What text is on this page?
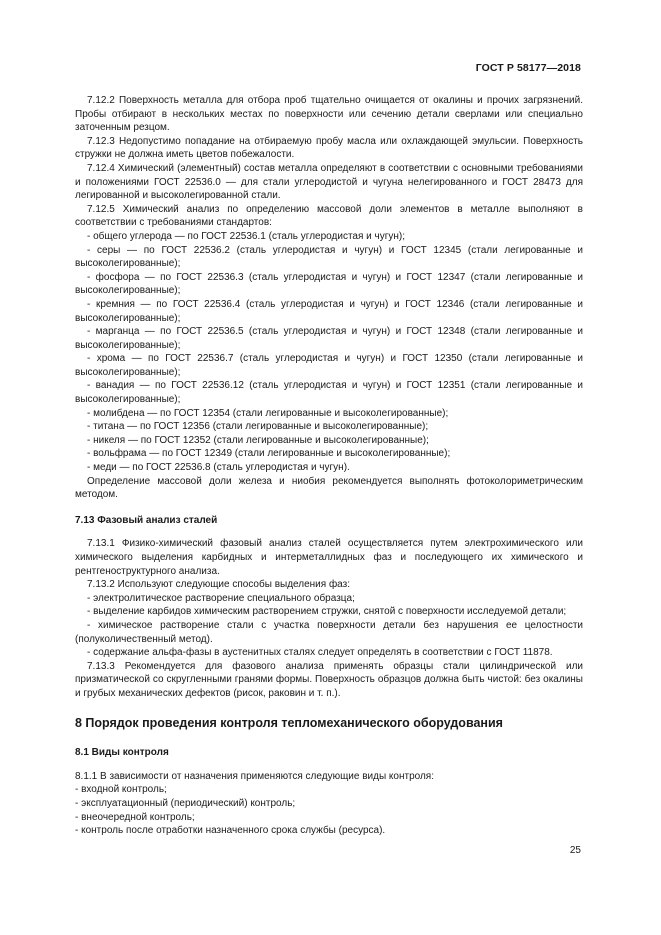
ГОСТ Р 58177—2018

7.12.2 Поверхность металла для отбора проб тщательно очищается от окалины и прочих загрязнений. Пробы отбирают в нескольких местах по поверхности или сечению детали сверлами или специально заточенным резцом.

7.12.3 Недопустимо попадание на отбираемую пробу масла или охлаждающей эмульсии. Поверхность стружки не должна иметь цветов побежалости.

7.12.4 Химический (элементный) состав металла определяют в соответствии с основными требованиями и положениями ГОСТ 22536.0 — для стали углеродистой и чугуна нелегированного и ГОСТ 28473 для легированной и высоколегированной стали.

7.12.5 Химический анализ по определению массовой доли элементов в металле выполняют в соответствии с требованиями стандартов:

- общего углерода — по ГОСТ 22536.1 (сталь углеродистая и чугун);

- серы — по ГОСТ 22536.2 (сталь углеродистая и чугун) и ГОСТ 12345 (стали легированные и высоколегированные);

- фосфора — по ГОСТ 22536.3 (сталь углеродистая и чугун) и ГОСТ 12347 (стали легированные и высоколегированные);

- кремния — по ГОСТ 22536.4 (сталь углеродистая и чугун) и ГОСТ 12346 (стали легированные и высоколегированные);

- марганца — по ГОСТ 22536.5 (сталь углеродистая и чугун) и ГОСТ 12348 (стали легированные и высоколегированные);

- хрома — по ГОСТ 22536.7 (сталь углеродистая и чугун) и ГОСТ 12350 (стали легированные и высоколегированные);

- ванадия — по ГОСТ 22536.12 (сталь углеродистая и чугун) и ГОСТ 12351 (стали легированные и высоколегированные);

- молибдена — по ГОСТ 12354 (стали легированные и высоколегированные);

- титана — по ГОСТ 12356 (стали легированные и высоколегированные);

- никеля — по ГОСТ 12352 (стали легированные и высоколегированные);

- вольфрама — по ГОСТ 12349 (стали легированные и высоколегированные);

- меди — по ГОСТ 22536.8 (сталь углеродистая и чугун).

Определение массовой доли железа и ниобия рекомендуется выполнять фотоколориметрическим методом.

7.13 Фазовый анализ сталей

7.13.1 Физико-химический фазовый анализ сталей осуществляется путем электрохимического или химического выделения карбидных и интерметаллидных фаз и последующего их химического и рентгеноструктурного анализа.

7.13.2 Используют следующие способы выделения фаз:

- электролитическое растворение специального образца;

- выделение карбидов химическим растворением стружки, снятой с поверхности исследуемой детали;

- химическое растворение стали с участка поверхности детали без нарушения ее целостности (полуколичественный метод).

- содержание альфа-фазы в аустенитных сталях следует определять в соответствии с ГОСТ 11878.

7.13.3 Рекомендуется для фазового анализа применять образцы стали цилиндрической или призматической со скругленными гранями формы. Поверхность образцов должна быть чистой: без окалины и грубых механических дефектов (рисок, раковин и т. п.).

8 Порядок проведения контроля тепломеханического оборудования

8.1 Виды контроля

8.1.1 В зависимости от назначения применяются следующие виды контроля:

- входной контроль;

- эксплуатационный (периодический) контроль;

- внеочередной контроль;

- контроль после отработки назначенного срока службы (ресурса).

25
